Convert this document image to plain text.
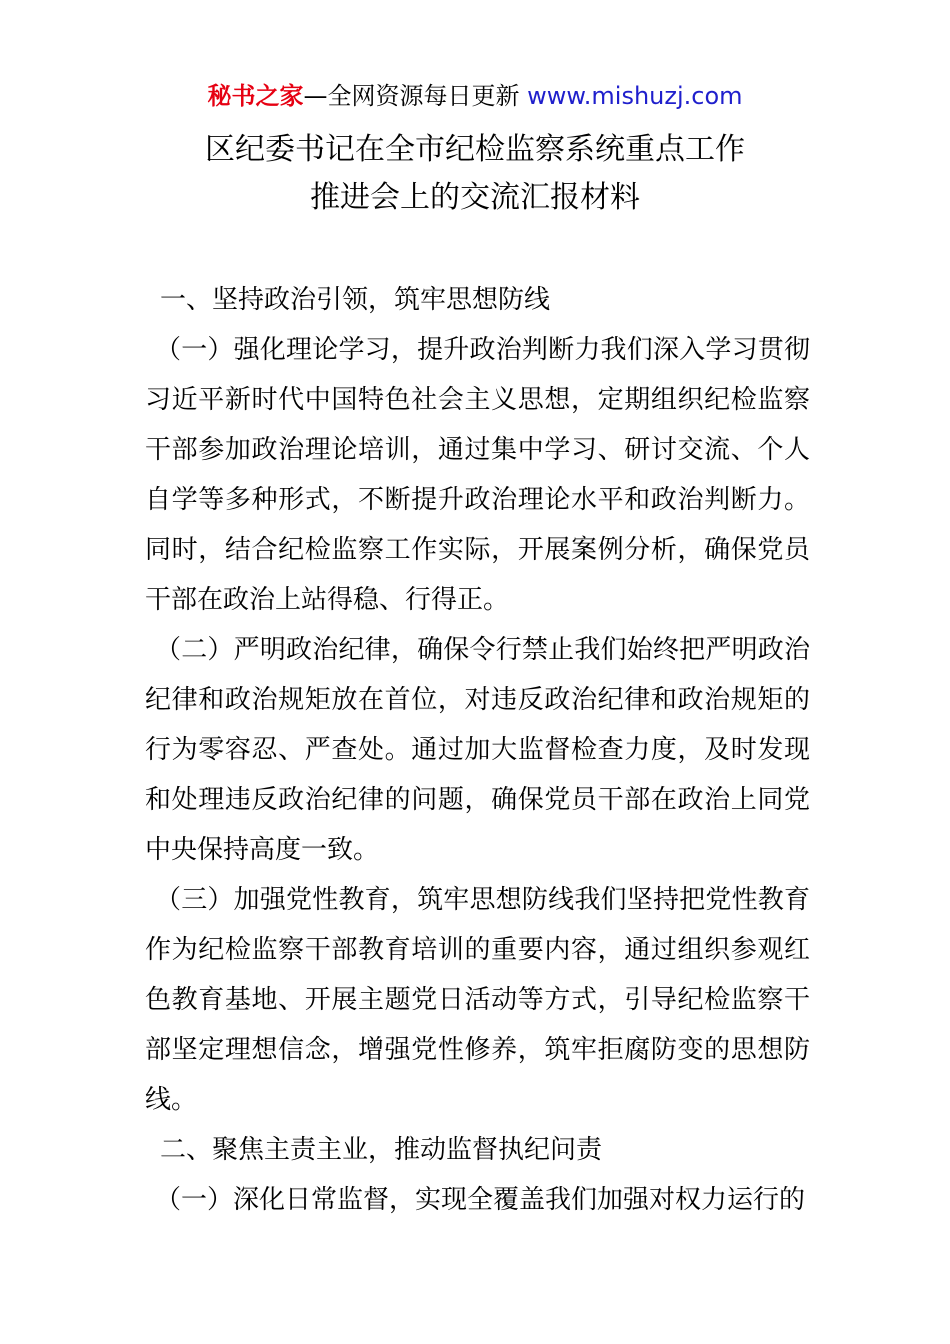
秘书之家—全网资源每日更新 www.mishuzj.com
区纪委书记在全市纪检监察系统重点工作
推进会上的交流汇报材料

一、坚持政治引领，筑牢思想防线

（一）强化理论学习，提升政治判断力我们深入学习贯彻习近平新时代中国特色社会主义思想，定期组织纪检监察干部参加政治理论培训，通过集中学习、研讨交流、个人自学等多种形式，不断提升政治理论水平和政治判断力。同时，结合纪检监察工作实际，开展案例分析，确保党员干部在政治上站得稳、行得正。

（二）严明政治纪律，确保令行禁止我们始终把严明政治纪律和政治规矩放在首位，对违反政治纪律和政治规矩的行为零容忍、严查处。通过加大监督检查力度，及时发现和处理违反政治纪律的问题，确保党员干部在政治上同党中央保持高度一致。

（三）加强党性教育，筑牢思想防线我们坚持把党性教育作为纪检监察干部教育培训的重要内容，通过组织参观红色教育基地、开展主题党日活动等方式，引导纪检监察干部坚定理想信念，增强党性修养，筑牢拒腐防变的思想防线。

二、聚焦主责主业，推动监督执纪问责

（一）深化日常监督，实现全覆盖我们加强对权力运行的
